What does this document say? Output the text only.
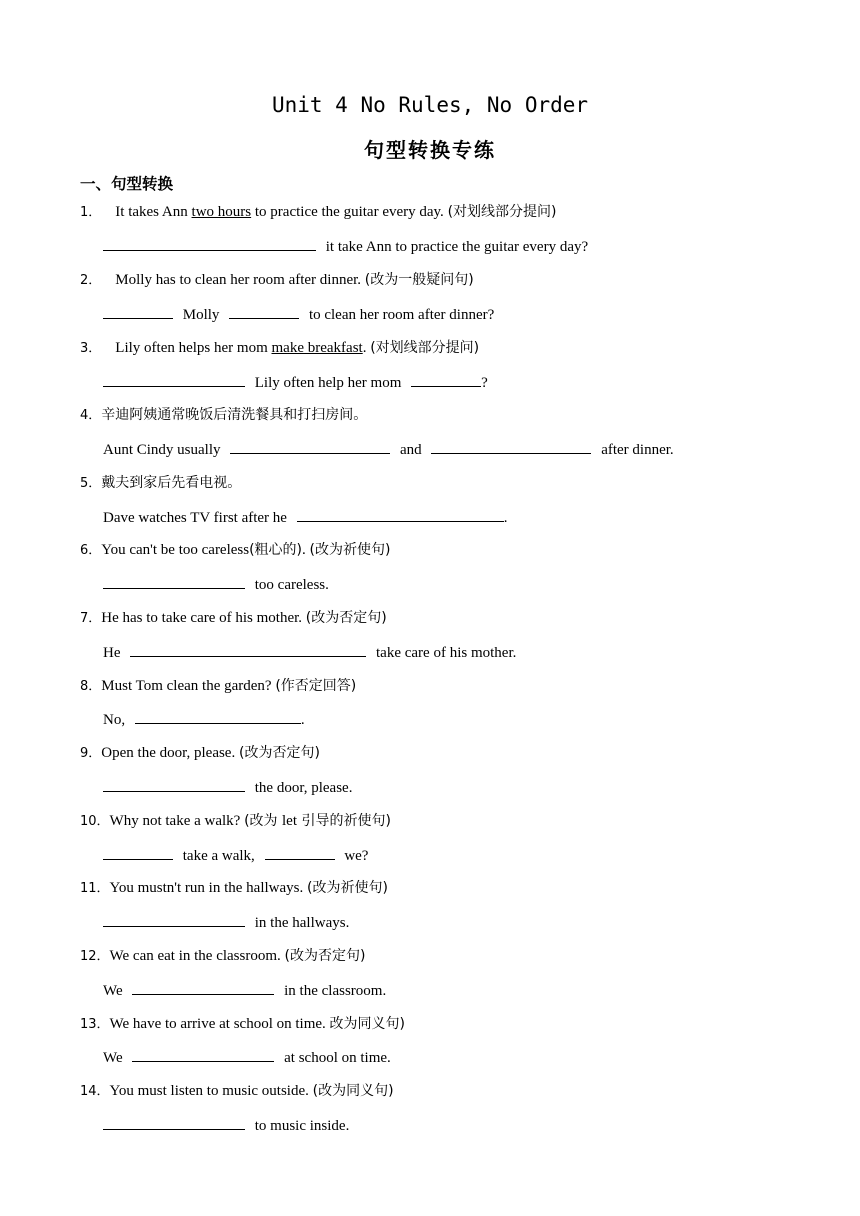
Unit 4 No Rules, No Order
句型转换专练
一、句型转换
1． It takes Ann two hours to practice the guitar every day. (对划线部分提问)
it take Ann to practice the guitar every day?
2． Molly has to clean her room after dinner. (改为一般疑问句)
Molly	to clean her room after dinner?
3． Lily often helps her mom make breakfast. (对划线部分提问)
Lily often help her mom	?
4．辛迪阿姨通常晚饭后清洗餐具和打扫房间。
Aunt Cindy usually	and	after dinner.
5．戴夫到家后先看电视。
Dave watches TV first after he	.
6．You can't be too careless(粗心的). (改为祈使句)
too careless.
7．He has to take care of his mother. (改为否定句)
He	take care of his mother.
8．Must Tom clean the garden? (作否定回答)
No,	.
9．Open the door, please. (改为否定句)
the door, please.
10．Why not take a walk? (改为 let 引导的祈使句)
take a walk,	we?
11．You mustn't run in the hallways. (改为祈使句)
in the hallways.
12．We can eat in the classroom. (改为否定句)
We	in the classroom.
13．We have to arrive at school on time. 改为同义句)
We	at school on time.
14．You must listen to music outside. (改为同义句)
to music inside.
